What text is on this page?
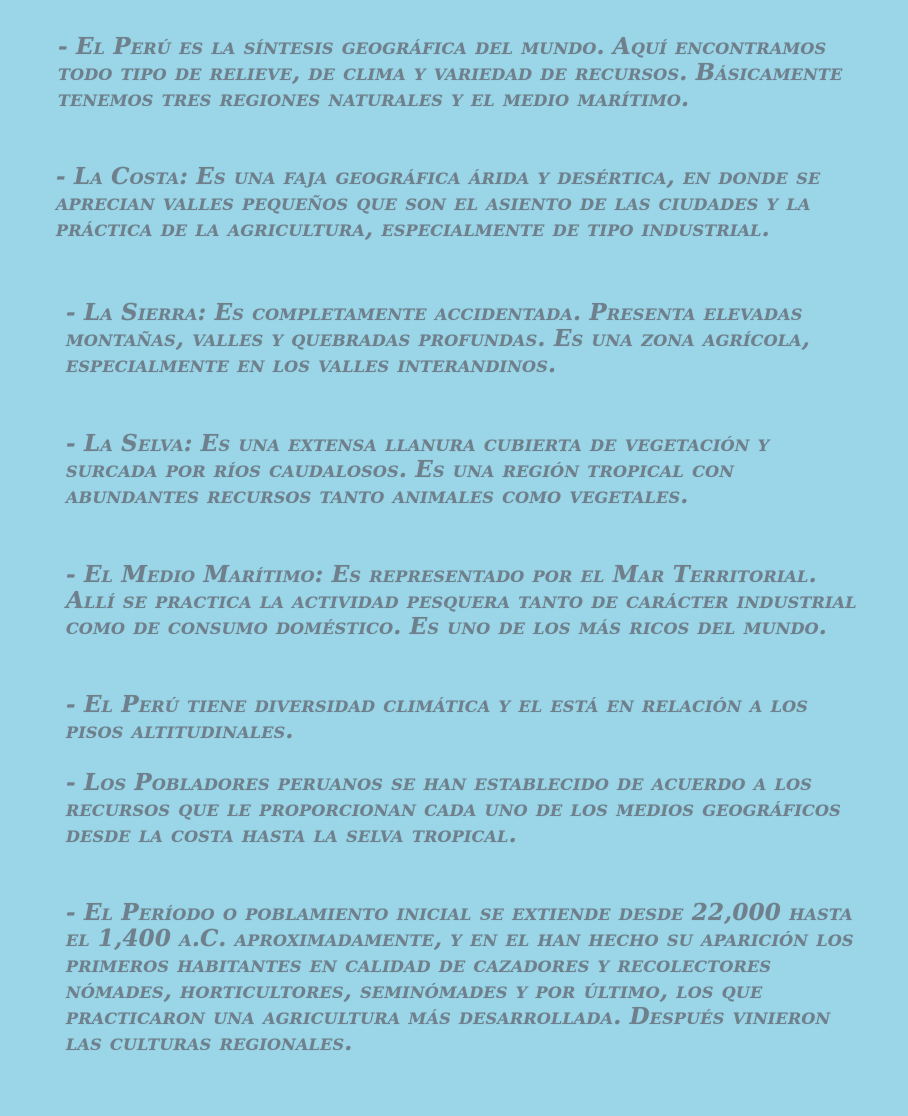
- El Perú es la síntesis geográfica del mundo. Aquí encontramos todo tipo de relieve, de clima y variedad de recursos. Básicamente tenemos tres regiones naturales y el medio marítimo.

- La Costa: Es una faja geográfica árida y desértica, en donde se aprecian valles pequeños que son el asiento de las ciudades y la práctica de la agricultura, especialmente de tipo industrial.

- La Sierra: Es completamente accidentada. Presenta elevadas montañas, valles y quebradas profundas. Es una zona agrícola, especialmente en los valles interandinos.

- La Selva: Es una extensa llanura cubierta de vegetación y surcada por ríos caudalosos. Es una región tropical con abundantes recursos tanto animales como vegetales.

- El Medio Marítimo: Es representado por el Mar Territorial. Allí se practica la actividad pesquera tanto de carácter industrial como de consumo doméstico. Es uno de los más ricos del mundo.

- El Perú tiene diversidad climática y el está en relación a los pisos altitudinales.

- Los Pobladores peruanos se han establecido de acuerdo a los recursos que le proporcionan cada uno de los medios geográficos desde la costa hasta la selva tropical.

- El Período o poblamiento inicial se extiende desde 22,000 hasta el 1,400 a.C. aproximadamente, y en el han hecho su aparición los primeros habitantes en calidad de cazadores y recolectores nómades, horticultores, seminómades y por último, los que practicaron una agricultura más desarrollada. Después vinieron las culturas regionales.
